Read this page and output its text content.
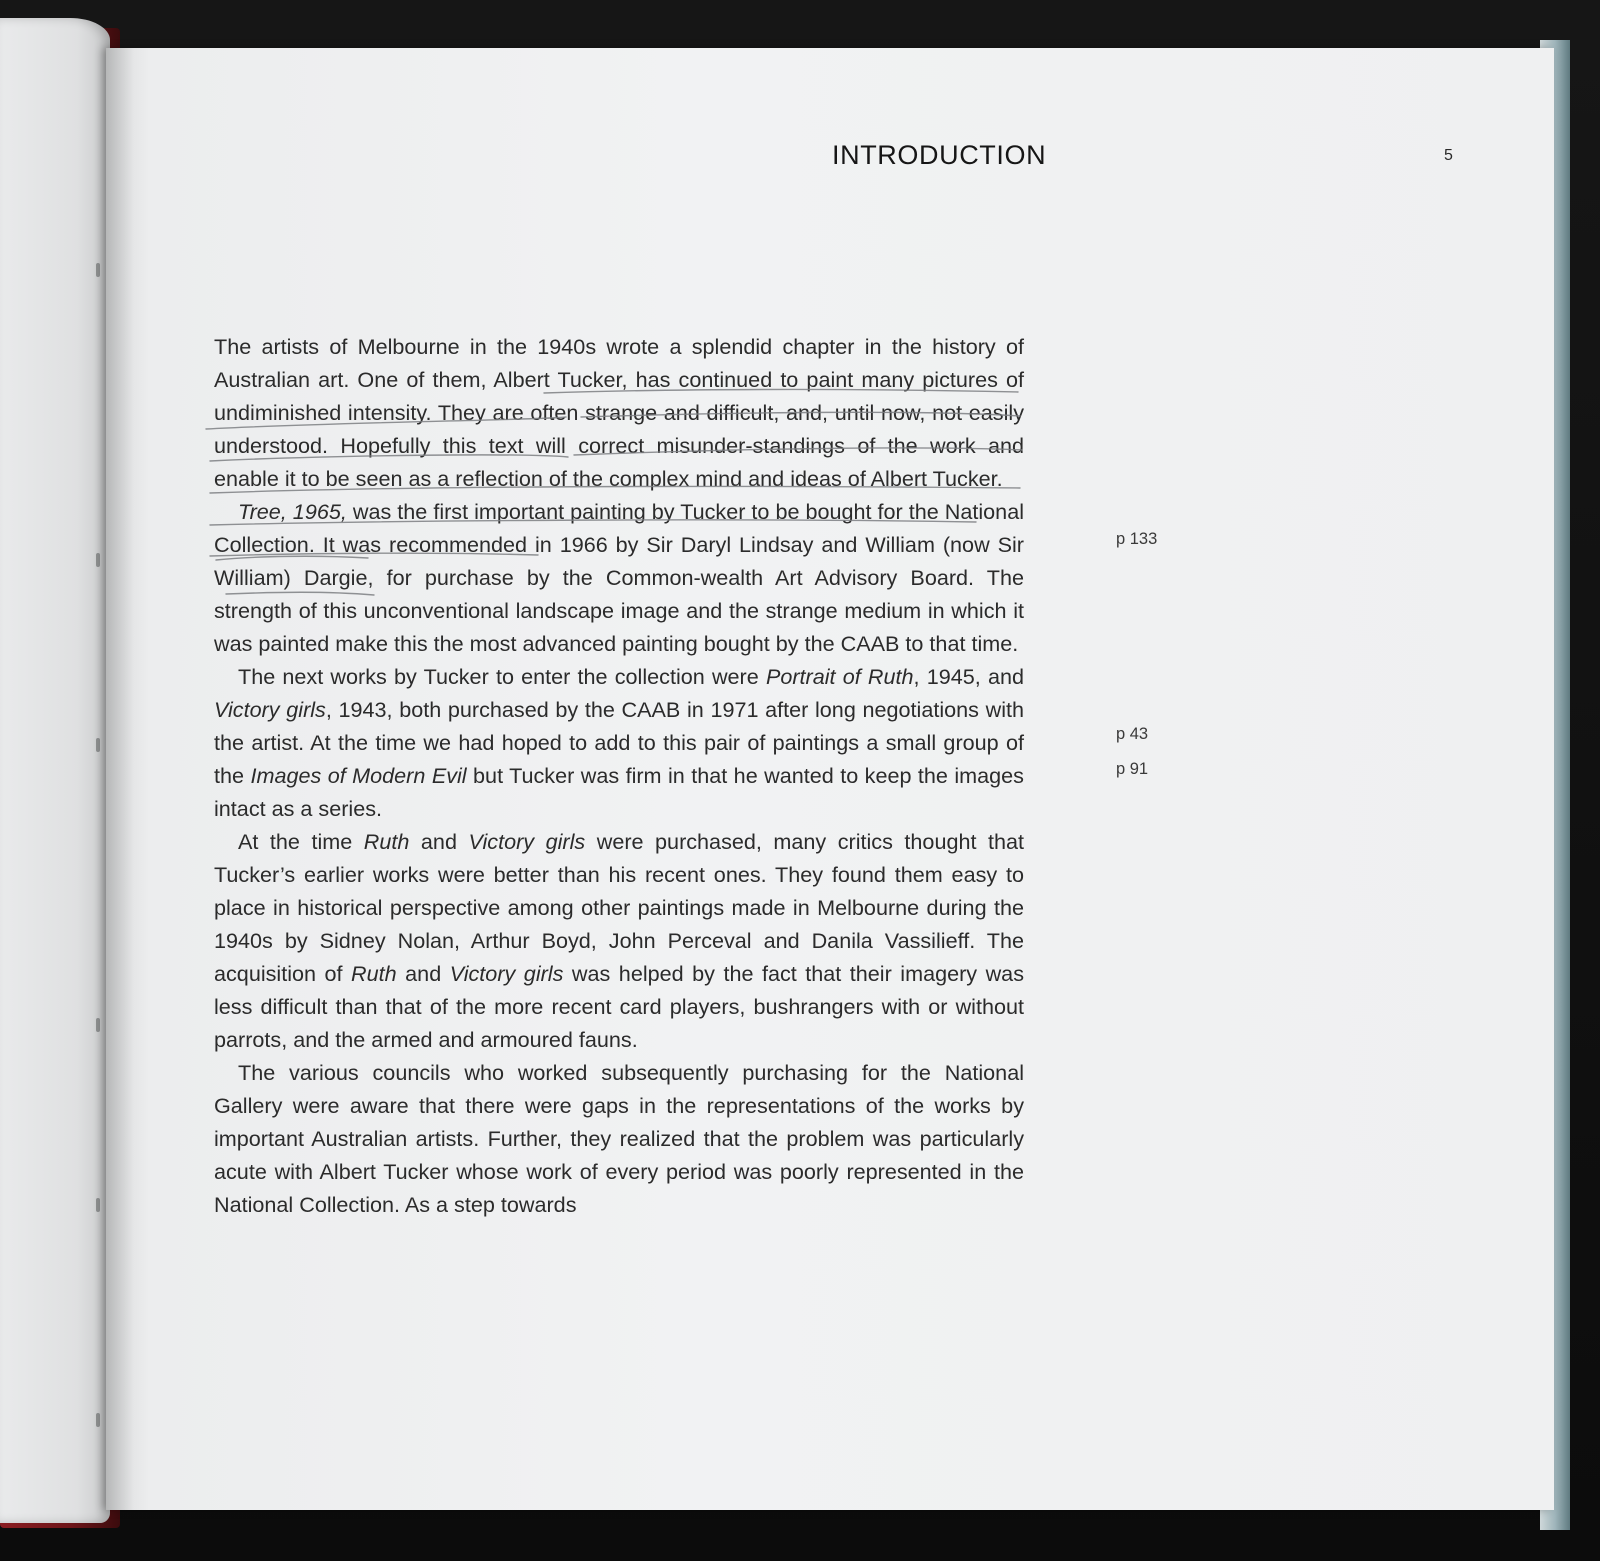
INTRODUCTION	5

The artists of Melbourne in the 1940s wrote a splendid chapter in the history of Australian art. One of them, Albert Tucker, has continued to paint many pictures of undiminished intensity. They are often strange and difficult, and, until now, not easily understood. Hopefully this text will correct misunder-standings of the work and enable it to be seen as a reflection of the complex mind and ideas of Albert Tucker.

Tree, 1965, was the first important painting by Tucker to be bought for the National Collection. It was recommended in 1966 by Sir Daryl Lindsay and William (now Sir William) Dargie, for purchase by the Common-wealth Art Advisory Board. The strength of this unconventional landscape image and the strange medium in which it was painted make this the most advanced painting bought by the CAAB to that time.

The next works by Tucker to enter the collection were Portrait of Ruth, 1945, and Victory girls, 1943, both purchased by the CAAB in 1971 after long negotiations with the artist. At the time we had hoped to add to this pair of paintings a small group of the Images of Modern Evil but Tucker was firm in that he wanted to keep the images intact as a series.

At the time Ruth and Victory girls were purchased, many critics thought that Tucker’s earlier works were better than his recent ones. They found them easy to place in historical perspective among other paintings made in Melbourne during the 1940s by Sidney Nolan, Arthur Boyd, John Perceval and Danila Vassilieff. The acquisition of Ruth and Victory girls was helped by the fact that their imagery was less difficult than that of the more recent card players, bushrangers with or without parrots, and the armed and armoured fauns.

The various councils who worked subsequently purchasing for the National Gallery were aware that there were gaps in the representations of the works by important Australian artists. Further, they realized that the problem was particularly acute with Albert Tucker whose work of every period was poorly represented in the National Collection. As a step towards

p 133
p 43
p 91
